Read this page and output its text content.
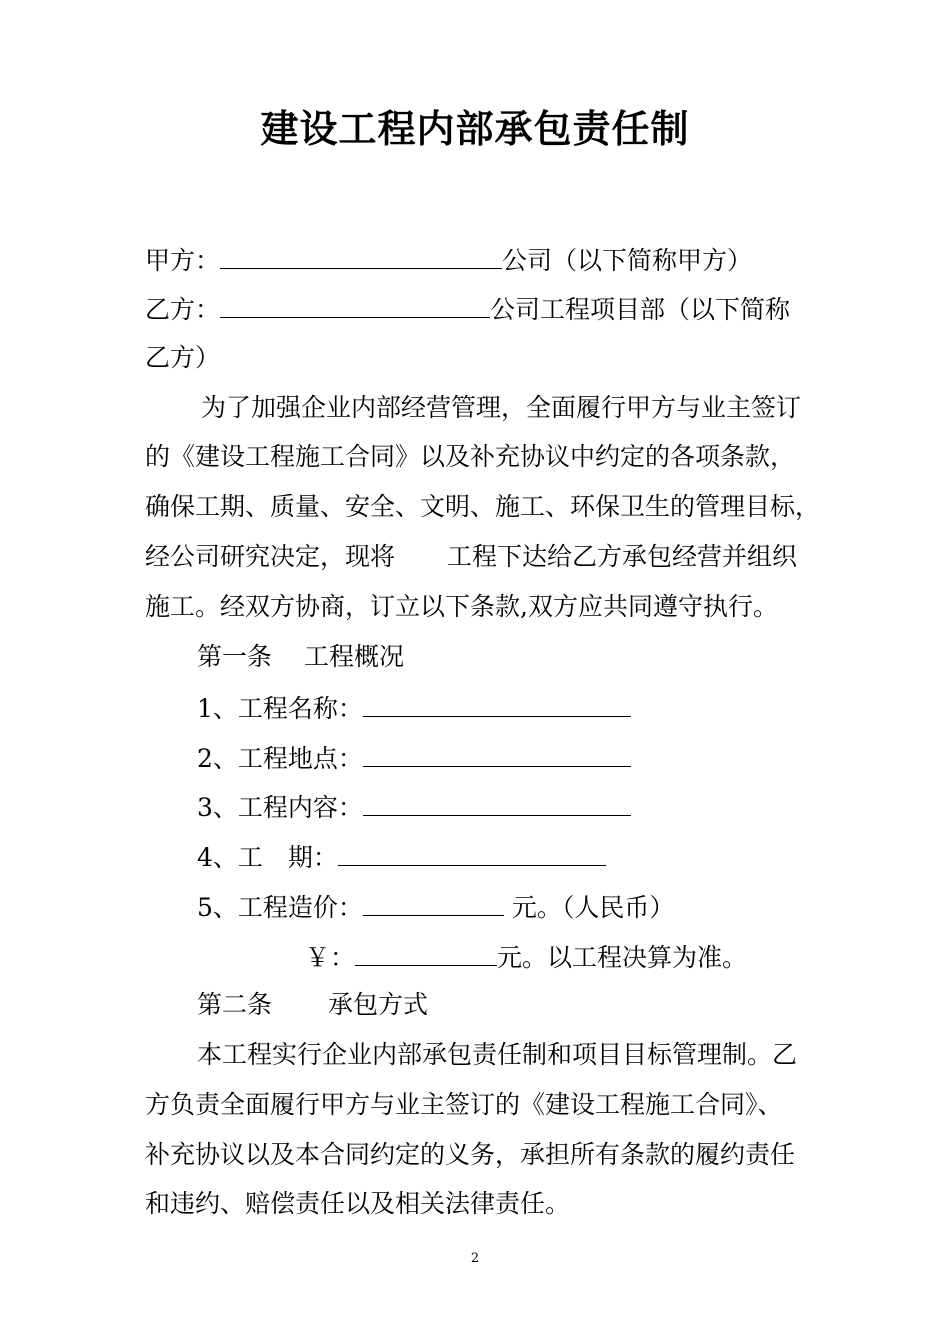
建设工程内部承包责任制
甲方：	公司（以下简称甲方）
乙方：	公司工程项目部（以下简称
乙方）
为了加强企业内部经营管理，全面履行甲方与业主签订
的《建设工程施工合同》以及补充协议中约定的各项条款，
确保工期、质量、安全、文明、施工、环保卫生的管理目标，
经公司研究决定，现将 工程下达给乙方承包经营并组织
施工。经双方协商，订立以下条款,双方应共同遵守执行。
第一条 工程概况
1、工程名称：
2、工程地点：
3、工程内容：
4、工 期：
5、工程造价：	元。（人民币）
￥：	元。以工程决算为准。
第二条 承包方式
本工程实行企业内部承包责任制和项目目标管理制。乙
方负责全面履行甲方与业主签订的《建设工程施工合同》、
补充协议以及本合同约定的义务，承担所有条款的履约责任
和违约、赔偿责任以及相关法律责任。
2
